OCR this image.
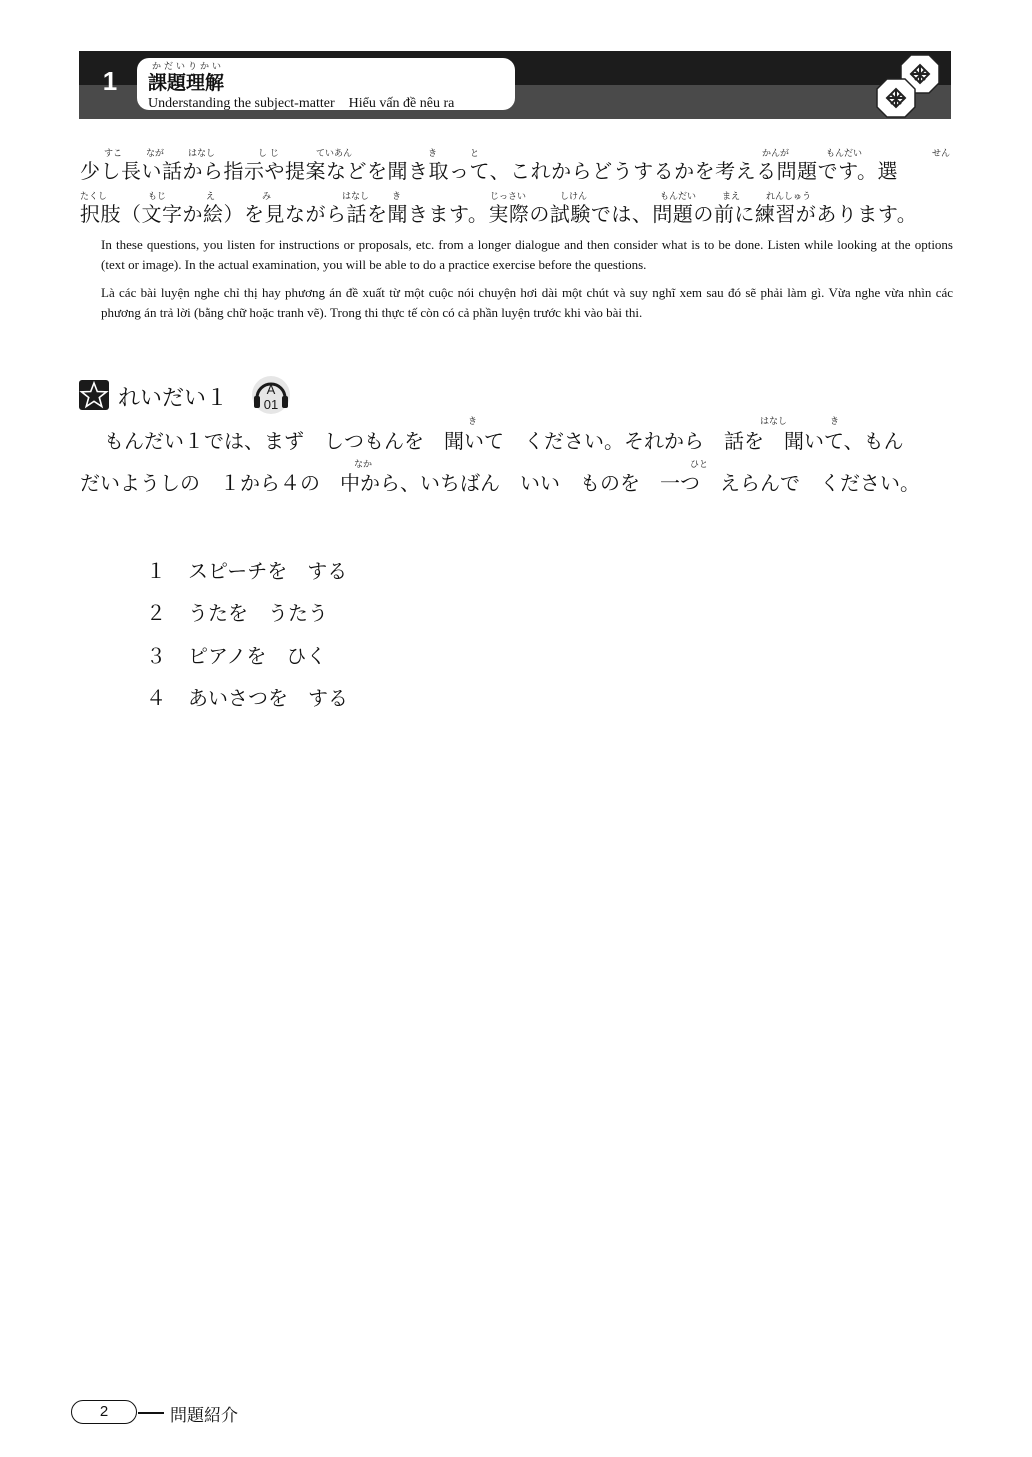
1	かだいりかい
課題理解
Understanding the subject-matter　Hiểu vấn đề nêu ra
すこ	なが	はなし	し じ	ていあん	き	と	かんが	もんだい	せん
少し長い話から指示や提案などを聞き取って、これからどうするかを考える問題です。選
たくし	もじ	え	み	はなし	き	じっさい	しけん	もんだい	まえ	れんしゅう
択肢（文字か絵）を見ながら話を聞きます。実際の試験では、問題の前に練習があります。
In these questions, you listen for instructions or proposals, etc. from a longer dialogue and then consider what is to be done. Listen while looking at the options (text or image). In the actual examination, you will be able to do a practice exercise before the questions.
Là các bài luyện nghe chỉ thị hay phương án đề xuất từ một cuộc nói chuyện hơi dài một chút và suy nghĩ xem sau đó sẽ phải làm gì. Vừa nghe vừa nhìn các phương án trả lời (bằng chữ hoặc tranh vẽ). Trong thi thực tế còn có cả phần luyện trước khi vào bài thi.
れいだい１	A
01
き	はなし	き
もんだい１では、まず　しつもんを　聞いて　ください。それから　話を　聞いて、もん
なか	ひと
だいようしの　１から４の　中から、いちばん　いい　ものを　一つ　えらんで　ください。
１	スピーチを　する
２	うたを　うたう
３	ピアノを　ひく
４	あいさつを　する
2	問題紹介
